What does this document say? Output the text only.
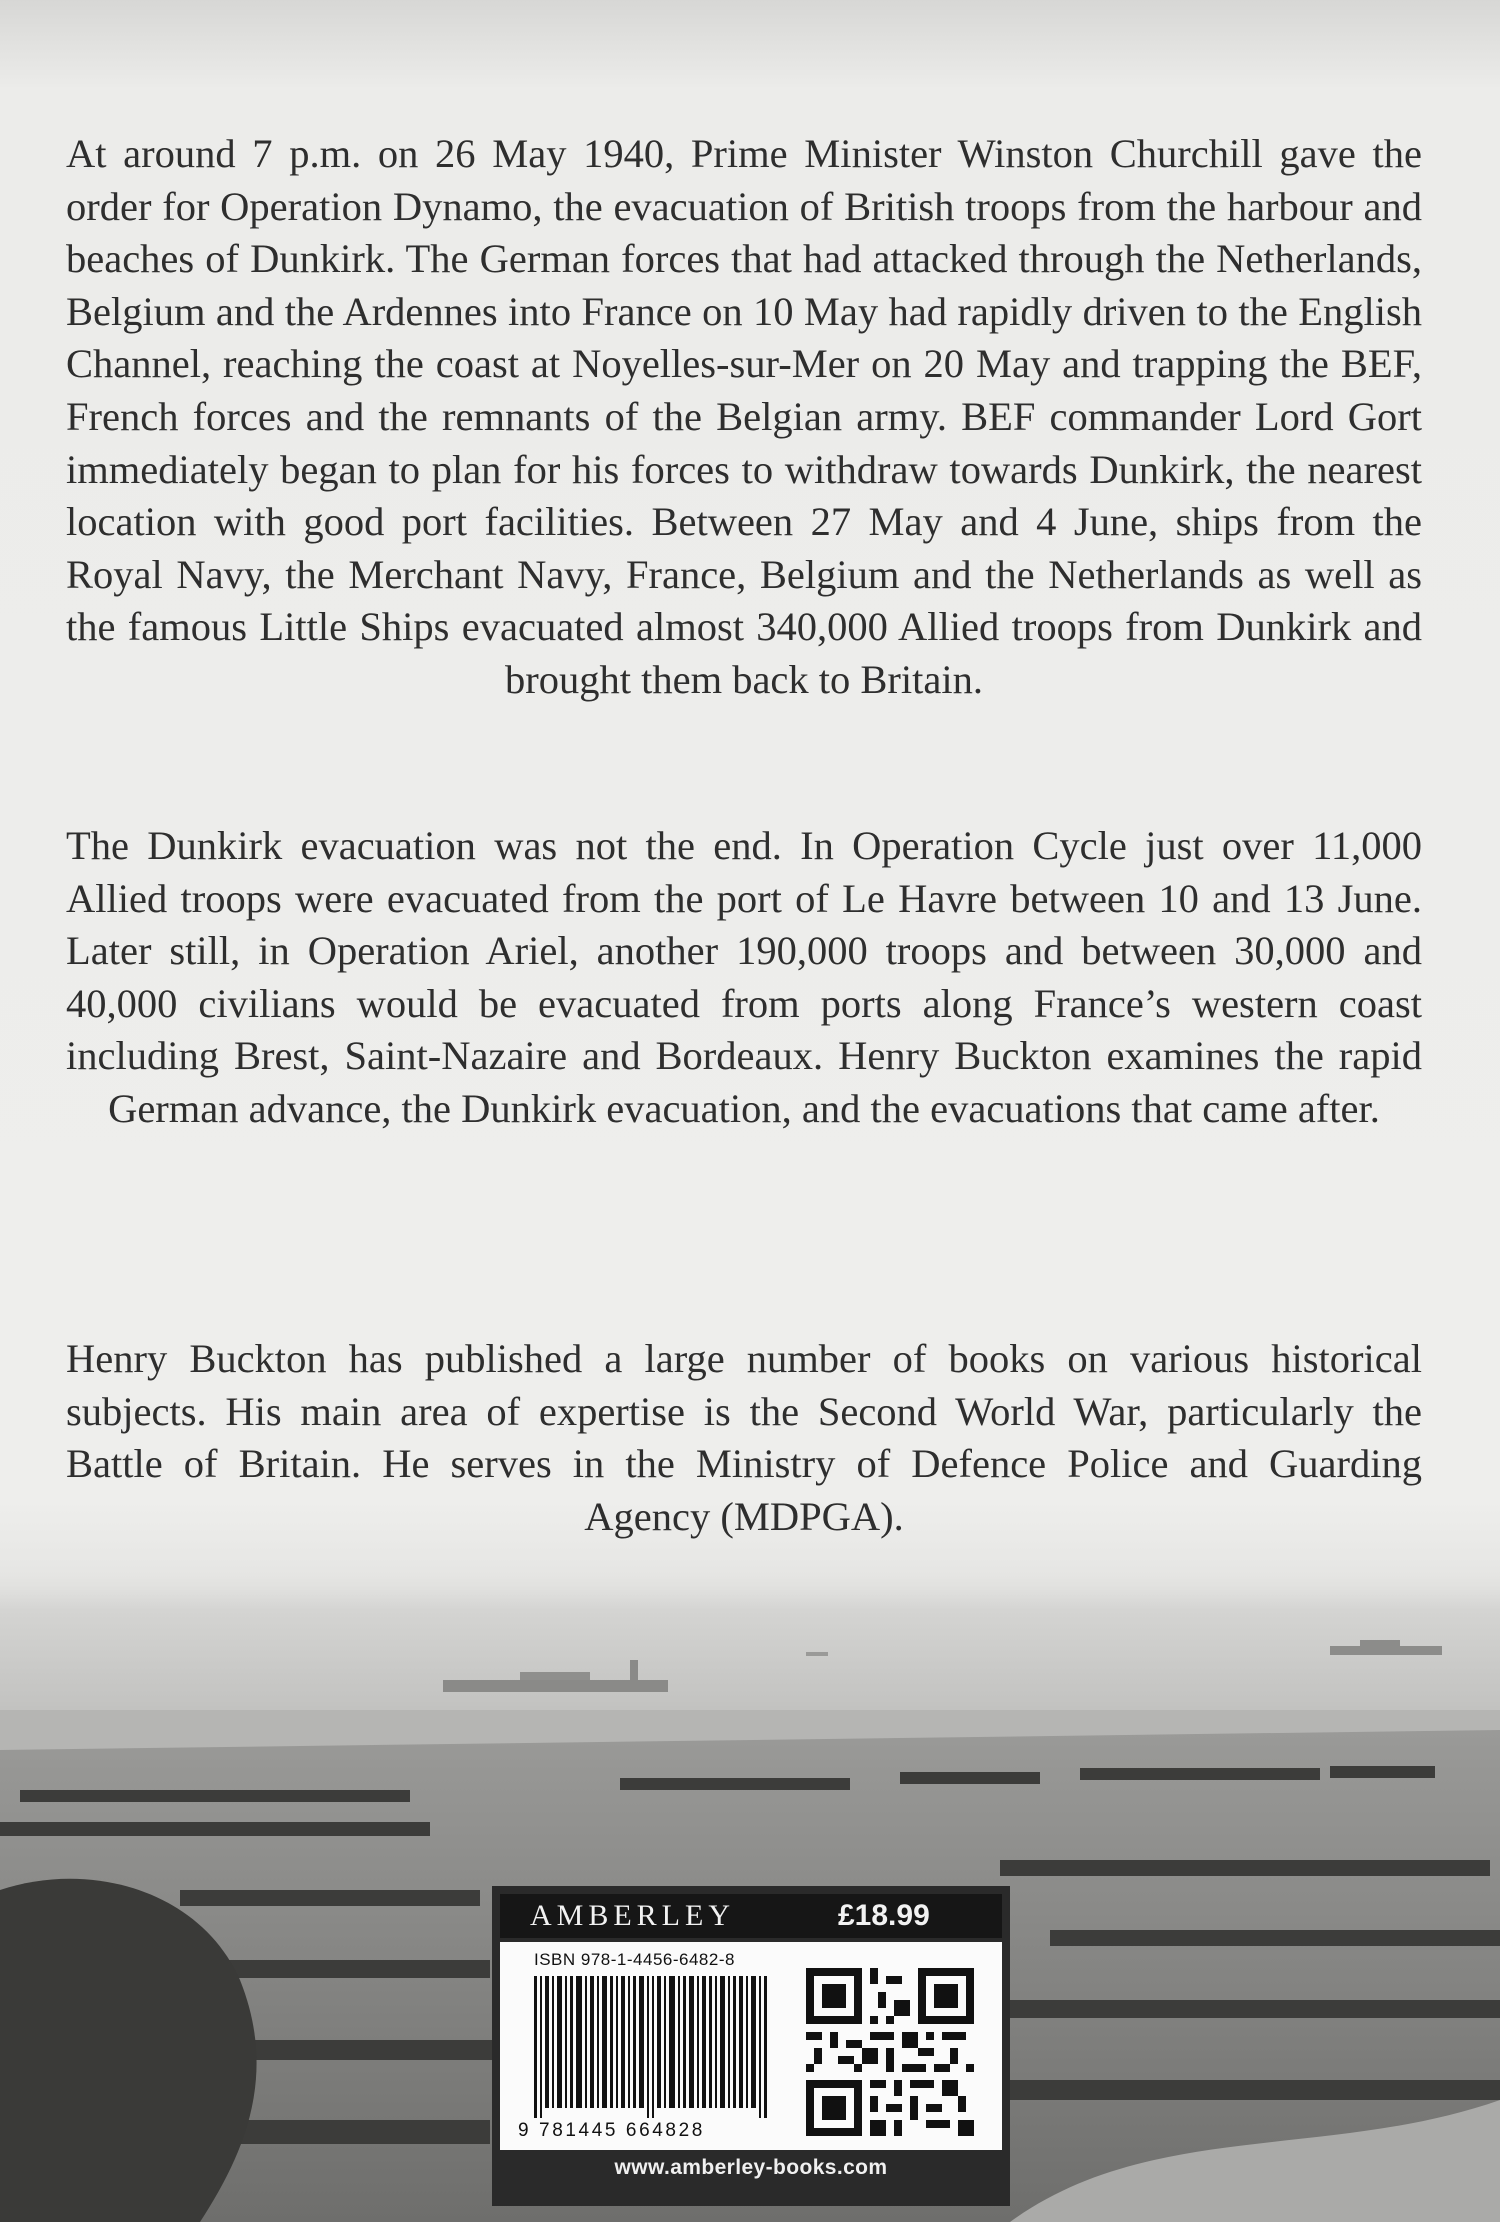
At around 7 p.m. on 26 May 1940, Prime Minister Winston Churchill gave the order for Operation Dynamo, the evacuation of British troops from the harbour and beaches of Dunkirk. The German forces that had attacked through the Netherlands, Belgium and the Ardennes into France on 10 May had rapidly driven to the English Channel, reaching the coast at Noyelles-sur-Mer on 20 May and trapping the BEF, French forces and the remnants of the Belgian army. BEF commander Lord Gort immediately began to plan for his forces to withdraw towards Dunkirk, the nearest location with good port facilities. Between 27 May and 4 June, ships from the Royal Navy, the Merchant Navy, France, Belgium and the Netherlands as well as the famous Little Ships evacuated almost 340,000 Allied troops from Dunkirk and brought them back to Britain.

The Dunkirk evacuation was not the end. In Operation Cycle just over 11,000 Allied troops were evacuated from the port of Le Havre between 10 and 13 June. Later still, in Operation Ariel, another 190,000 troops and between 30,000 and 40,000 civilians would be evacuated from ports along France’s western coast including Brest, Saint-Nazaire and Bordeaux. Henry Buckton examines the rapid German advance, the Dunkirk evacuation, and the evacuations that came after.

Henry Buckton has published a large number of books on various historical subjects. His main area of expertise is the Second World War, particularly the Battle of Britain. He serves in the Ministry of Defence Police and Guarding Agency (MDPGA).

AMBERLEY	£18.99
ISBN 978-1-4456-6482-8
9 781445 664828
www.amberley-books.com
